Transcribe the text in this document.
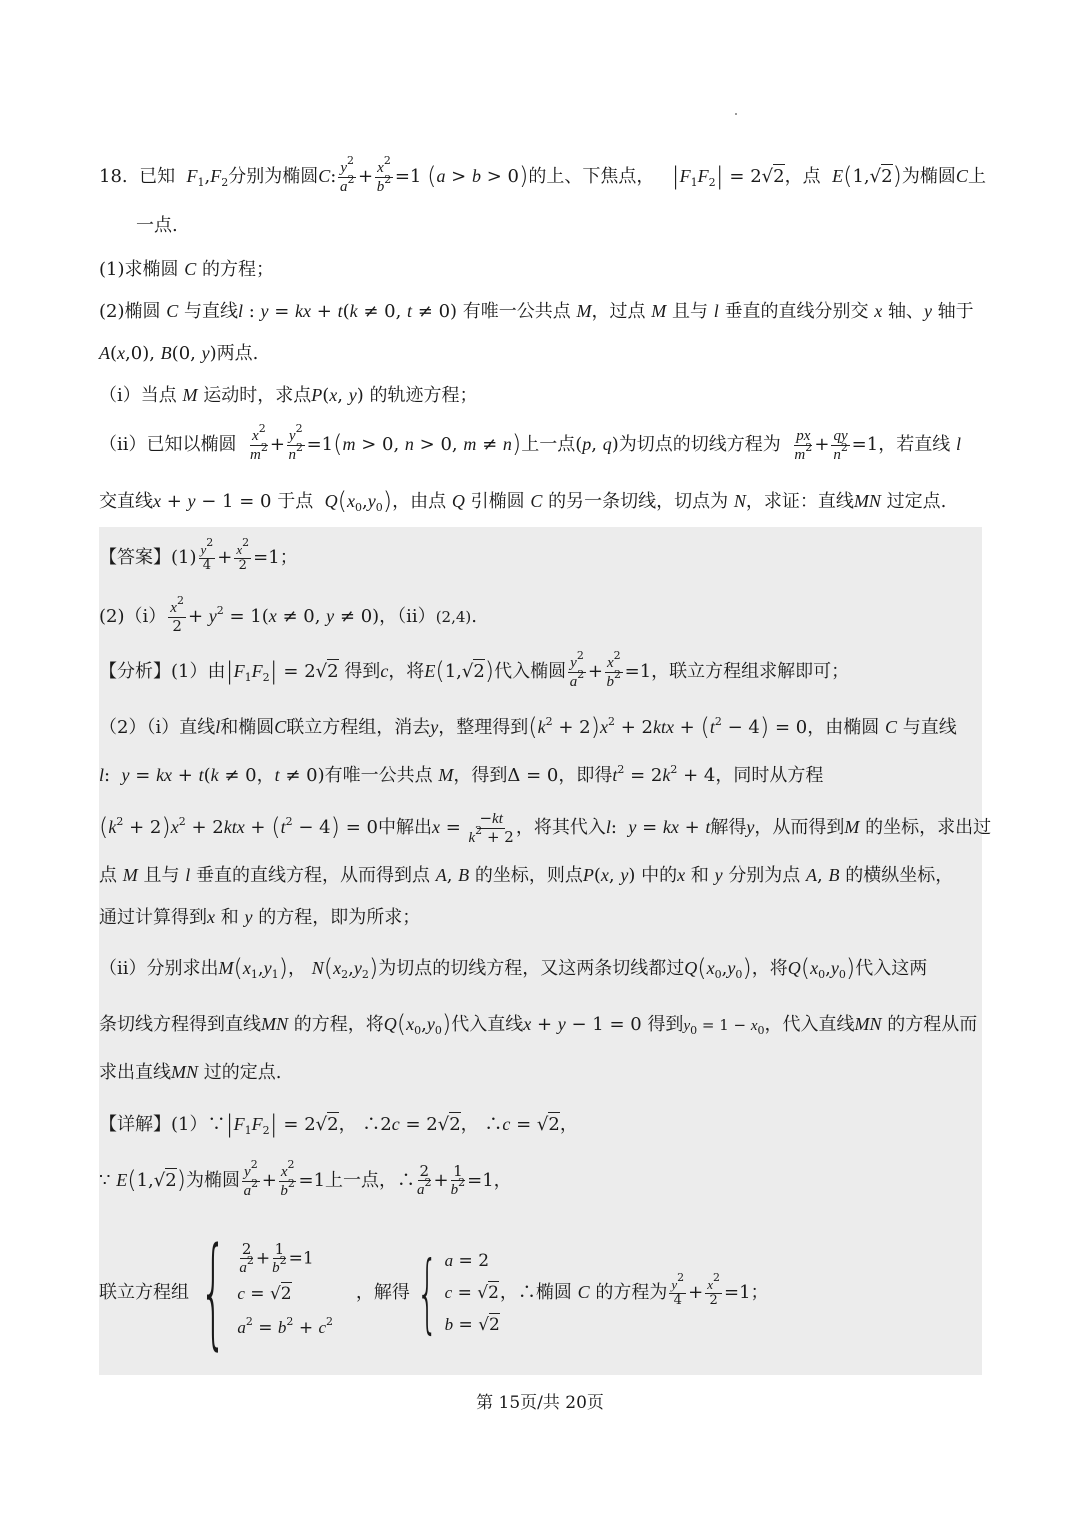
18. 已知 $F_1,F_2$分别为椭圆C: $\frac{y^2}{a^2} + \frac{x^2}{b^2} =1$ (a > b > 0)的上、下焦点， $|F_1F_2| = 2√2$，点 E(1,√2)为椭圆C上
一点.
(1)求椭圆 C 的方程；
(2)椭圆 C 与直线l : y = kx + t(k ≠ 0, t ≠ 0) 有唯一公共点 M，过点 M 且与 l 垂直的直线分别交 x 轴、y 轴于
A(x,0), B(0, y)两点.
（i）当点 M 运动时，求点P(x, y) 的轨迹方程；
（ii）已知以椭圆 $\frac{x^2}{m^2} + \frac{y^2}{n^2} =1(m > 0$, n > 0, m ≠ n)上一点(p, q)为切点的切线方程为 $\frac{px}{m^2} + \frac{qy}{n^2} =1$，若直线 l
交直线x + y − 1 = 0 于点 $Q(x_0,y_0)$，由点 Q 引椭圆 C 的另一条切线，切点为 N，求证：直线MN 过定点.
【答案】$(1) \frac{y^2}{4} + \frac{x^2}{2} =1$；
$(2)(i) \frac{x^2}{2} + y^2 = 1(x \ne 0$, y ≠ 0)，（ii）(2,4).
【分析】(1）由$|F_1F_2| = 2√2$ 得到c，将E(1,√2)代入椭圆 $\frac{y^2}{a^2} + \frac{x^2}{b^2} =1$，联立方程组求解即可；
（2）（i）直线l和椭圆C联立方程组，消去y，整理得到$(k^2 + 2)x^2 + 2ktx + (t^2 - 4) = 0$，由椭圆 C 与直线
l:  y = kx + t(k ≠ 0，t ≠ 0)有唯一公共点 M，得到Δ = 0，即得$t^2 = 2k^2 + 4$，同时从方程
$(k^2 + 2)x^2 + 2ktx + (t^2 - 4) = 0$中解出$x = \frac{-kt}{k^2 + 2}$ ，将其代入l:  y = kx + t解得y，从而得到M 的坐标，求出过
点 M 且与 l 垂直的直线方程，从而得到点 A, B 的坐标，则点P(x, y) 中的x 和 y 分别为点 A, B 的横纵坐标，
通过计算得到x 和 y 的方程，即为所求；
（ii）分别求出$M(x_1,y_1)$， $N(x_2,y_2)$为切点的切线方程，又这两条切线都过$Q(x_0,y_0)$，将$Q(x_0,y_0)$代入这两
条切线方程得到直线MN 的方程，将$Q(x_0,y_0)$代入直线x + y − 1 = 0 得到$y_0 = 1 - x_0$，代入直线MN 的方程从而
求出直线MN 过的定点.
【详解】$(1)\because|F_1F_2| = 2√2$， ∴2c = 2√2， ∴c = √2，
∵ E(1,√2)为椭圆 $\frac{y^2}{a^2} + \frac{x^2}{b^2} =1$上一点，∴ $\frac{2}{a^2} + \frac{1}{b^2} =1$，
联立方程组 { $\frac{2}{a^2} + \frac{1}{b^2} =1$
c = √2
$a^2 = b^2 + c^2$
，解得 { a = 2
c = √2
b = √2
，∴椭圆 C 的方程为 $\frac{y^2}{4} + \frac{x^2}{2} =1$；
第 15页/共 20页
